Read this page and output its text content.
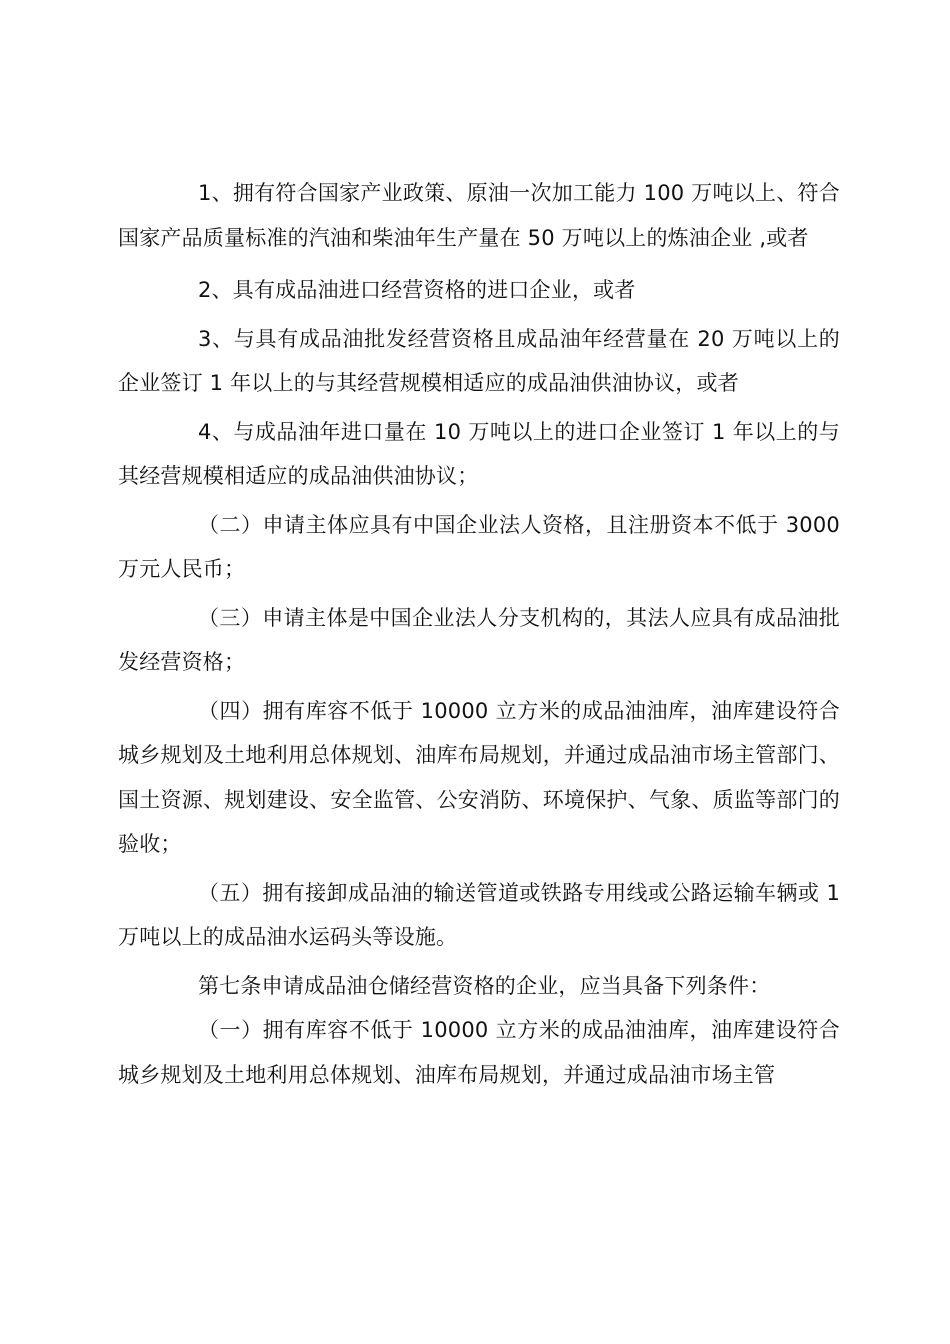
1、拥有符合国家产业政策、原油一次加工能力 100 万吨以上、符合国家产品质量标准的汽油和柴油年生产量在 50 万吨以上的炼油企业 ,或者

2、具有成品油进口经营资格的进口企业，或者

3、与具有成品油批发经营资格且成品油年经营量在 20 万吨以上的企业签订 1 年以上的与其经营规模相适应的成品油供油协议，或者

4、与成品油年进口量在 10 万吨以上的进口企业签订 1 年以上的与其经营规模相适应的成品油供油协议；

（二）申请主体应具有中国企业法人资格，且注册资本不低于 3000 万元人民币；

（三）申请主体是中国企业法人分支机构的，其法人应具有成品油批发经营资格；

（四）拥有库容不低于 10000 立方米的成品油油库，油库建设符合城乡规划及土地利用总体规划、油库布局规划，并通过成品油市场主管部门、国土资源、规划建设、安全监管、公安消防、环境保护、气象、质监等部门的验收；

（五）拥有接卸成品油的输送管道或铁路专用线或公路运输车辆或 1 万吨以上的成品油水运码头等设施。

第七条申请成品油仓储经营资格的企业，应当具备下列条件：

（一）拥有库容不低于 10000 立方米的成品油油库，油库建设符合城乡规划及土地利用总体规划、油库布局规划，并通过成品油市场主管
